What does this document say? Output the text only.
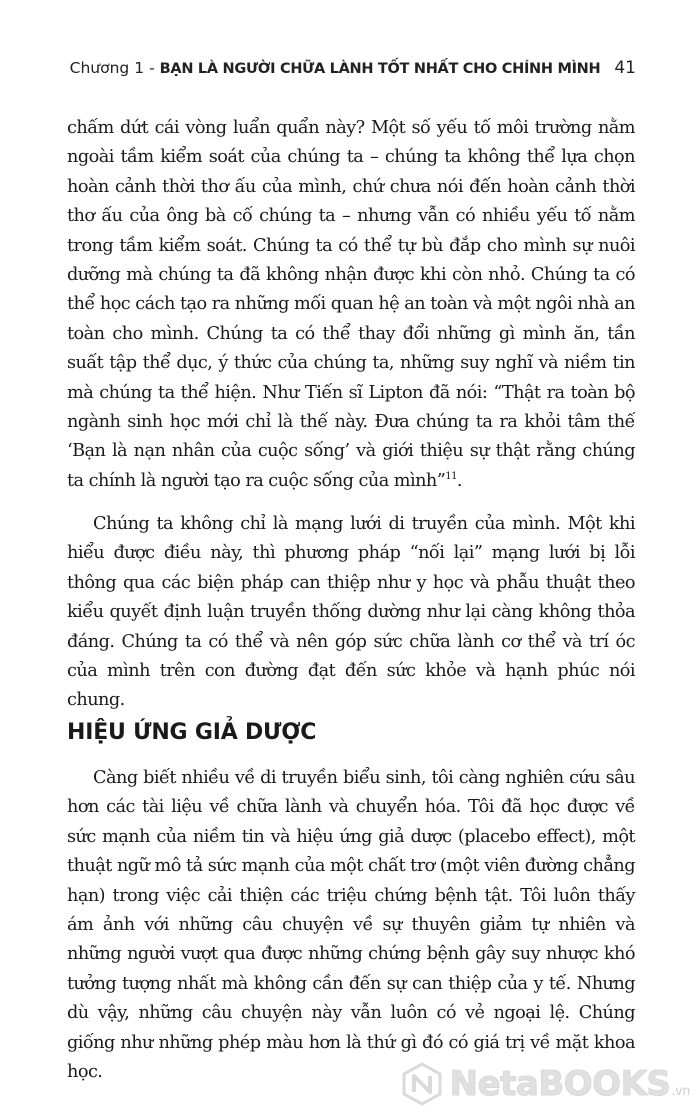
Chương 1 - BẠN LÀ NGƯỜI CHỮA LÀNH TỐT NHẤT CHO CHÍNH MÌNH 41

chấm dứt cái vòng luẩn quẩn này? Một số yếu tố môi trường nằm ngoài tầm kiểm soát của chúng ta – chúng ta không thể lựa chọn hoàn cảnh thời thơ ấu của mình, chứ chưa nói đến hoàn cảnh thời thơ ấu của ông bà cố chúng ta – nhưng vẫn có nhiều yếu tố nằm trong tầm kiểm soát. Chúng ta có thể tự bù đắp cho mình sự nuôi dưỡng mà chúng ta đã không nhận được khi còn nhỏ. Chúng ta có thể học cách tạo ra những mối quan hệ an toàn và một ngôi nhà an toàn cho mình. Chúng ta có thể thay đổi những gì mình ăn, tần suất tập thể dục, ý thức của chúng ta, những suy nghĩ và niềm tin mà chúng ta thể hiện. Như Tiến sĩ Lipton đã nói: “Thật ra toàn bộ ngành sinh học mới chỉ là thế này. Đưa chúng ta ra khỏi tâm thế ‘Bạn là nạn nhân của cuộc sống’ và giới thiệu sự thật rằng chúng ta chính là người tạo ra cuộc sống của mình”$^{11}$.

Chúng ta không chỉ là mạng lưới di truyền của mình. Một khi hiểu được điều này, thì phương pháp “nối lại” mạng lưới bị lỗi thông qua các biện pháp can thiệp như y học và phẫu thuật theo kiểu quyết định luận truyền thống dường như lại càng không thỏa đáng. Chúng ta có thể và nên góp sức chữa lành cơ thể và trí óc của mình trên con đường đạt đến sức khỏe và hạnh phúc nói chung.

HIỆU ỨNG GIẢ DƯỢC

Càng biết nhiều về di truyền biểu sinh, tôi càng nghiên cứu sâu hơn các tài liệu về chữa lành và chuyển hóa. Tôi đã học được về sức mạnh của niềm tin và hiệu ứng giả dược (placebo effect), một thuật ngữ mô tả sức mạnh của một chất trơ (một viên đường chẳng hạn) trong việc cải thiện các triệu chứng bệnh tật. Tôi luôn thấy ám ảnh với những câu chuyện về sự thuyên giảm tự nhiên và những người vượt qua được những chứng bệnh gây suy nhược khó tưởng tượng nhất mà không cần đến sự can thiệp của y tế. Nhưng dù vậy, những câu chuyện này vẫn luôn có vẻ ngoại lệ. Chúng giống như những phép màu hơn là thứ gì đó có giá trị về mặt khoa học.	NetaBOOKS.vn
